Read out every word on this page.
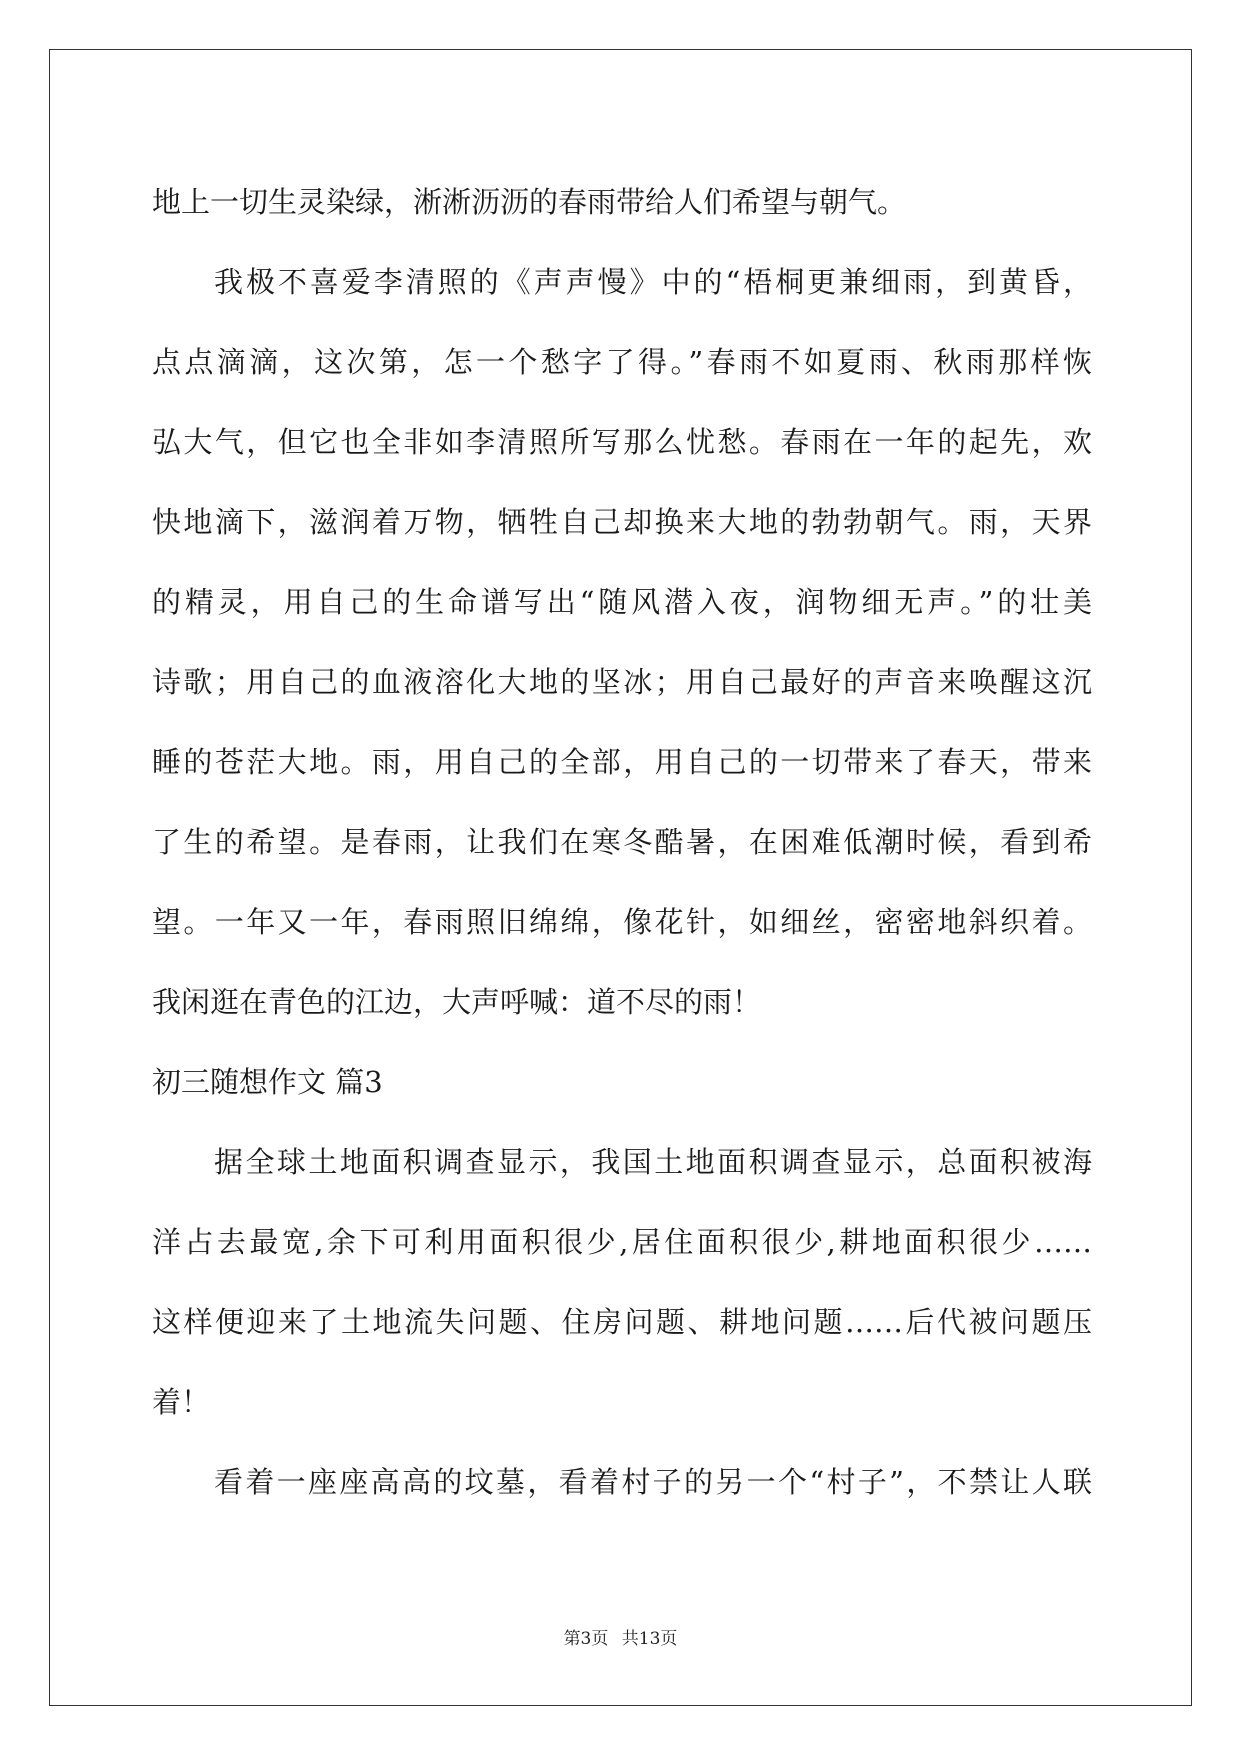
地上一切生灵染绿，淅淅沥沥的春雨带给人们希望与朝气。
我极不喜爱李清照的《声声慢》中的“梧桐更兼细雨，到黄昏，
点点滴滴，这次第，怎一个愁字了得。”春雨不如夏雨、秋雨那样恢
弘大气，但它也全非如李清照所写那么忧愁。春雨在一年的起先，欢
快地滴下，滋润着万物，牺牲自己却换来大地的勃勃朝气。雨，天界
的精灵，用自己的生命谱写出“随风潜入夜，润物细无声。”的壮美
诗歌；用自己的血液溶化大地的坚冰；用自己最好的声音来唤醒这沉
睡的苍茫大地。雨，用自己的全部，用自己的一切带来了春天，带来
了生的希望。是春雨，让我们在寒冬酷暑，在困难低潮时候，看到希
望。一年又一年，春雨照旧绵绵，像花针，如细丝，密密地斜织着。
我闲逛在青色的江边，大声呼喊：道不尽的雨！
初三随想作文 篇3
据全球土地面积调查显示，我国土地面积调查显示，总面积被海
洋占去最宽,余下可利用面积很少,居住面积很少,耕地面积很少……
这样便迎来了土地流失问题、住房问题、耕地问题……后代被问题压
着！
看着一座座高高的坟墓，看着村子的另一个“村子”，不禁让人联
第3页 共13页
